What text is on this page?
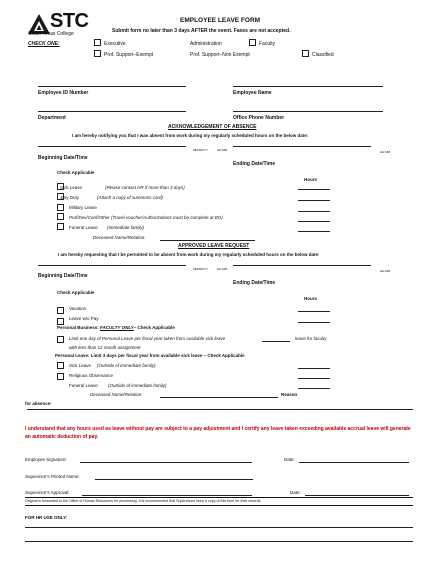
STC
South Texas College
EMPLOYEE LEAVE FORM
Submit form no later than 3 days AFTER the event. Faxes are not accepted.
CHECK ONE:	Executive	Administration	Faculty
Prof. Support–Exempt	Prof. Support–Non Exempt	Classified
Employee ID Number	Employee Name
Department	Office Phone Number
ACKNOWLEDGEMENT OF ABSENCE
I am hereby notifying you that I was absent from work during my regularly scheduled hours on the below date:
MM/DD/YY	HH:MM	HH:MM
Beginning Date/Time
Ending Date/Time
Check Applicable
Hours
Sick Leave	(Please contact HR if more than 3 days)
Jury Duty	(Attach a copy of summons card)
Military Leave
Prof/Dev/Conf/Other (Travel voucher/Authorizations must be complete at BO)
Funeral Leave (Immediate family)
Deceased Name/Relation:
APPROVED LEAVE REQUEST
I am hereby requesting that I be permitted to be absent from work during my regularly scheduled hours on the below date:
MM/DD/YY	HH:MM	HH:MM
Beginning Date/Time
Ending Date/Time
Check Applicable
Hours
Vacation
Leave w/o Pay
Personal Business: FACULTY ONLY– Check Applicable
Limit one day of Personal Leave per fiscal year taken from available sick leave	leave for faculty
with less than 12 month assignment
Personal Leave: Limit 3 days per fiscal year from available sick leave – Check Applicable
Sick Leave (Outside of immediate family)
Religious Observance
Funeral Leave (Outside of immediate family)
Deceased Name/Relation:	Reason
for absence:
I understand that any hours used as leave without pay are subject to a pay adjustment and I certify any leave taken exceeding available accrual leave will generate an automatic deduction of pay.
Employee Signature:	Date:
Supervisor's Printed Name:
Supervisor's Approval:	Date:
Original is forwarded to the Office of Human Resources for processing. It is recommended that Supervisors keep a copy of this form for their records.
FOR HR USE ONLY:
